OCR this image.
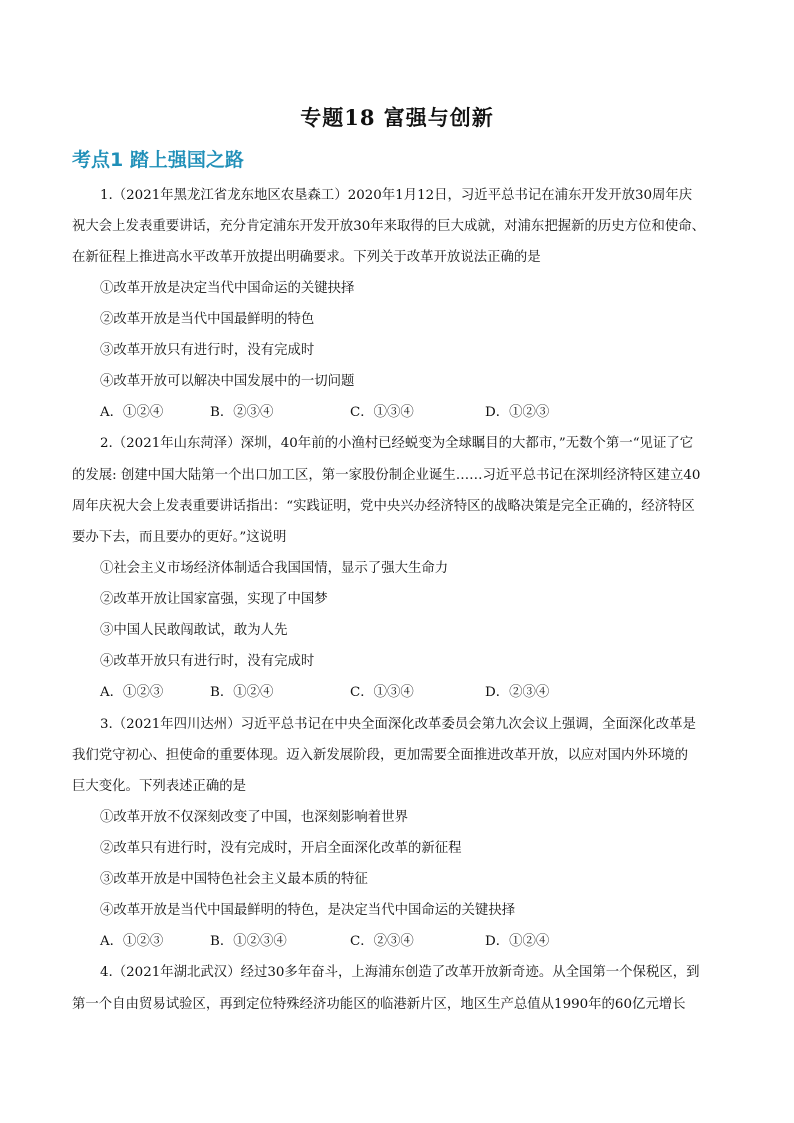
专题18 富强与创新
考点1 踏上强国之路
1.（2021年黑龙江省龙东地区农垦森工）2020年1月12日，习近平总书记在浦东开发开放30周年庆
祝大会上发表重要讲话，充分肯定浦东开发开放30年来取得的巨大成就，对浦东把握新的历史方位和使命、
在新征程上推进高水平改革开放提出明确要求。下列关于改革开放说法正确的是
①改革开放是决定当代中国命运的关键抉择
②改革开放是当代中国最鲜明的特色
③改革开放只有进行时，没有完成时
④改革开放可以解决中国发展中的一切问题
A．①②④	B．②③④	C．①③④	D．①②③
2.（2021年山东菏泽）深圳，40年前的小渔村已经蜕变为全球瞩目的大都市，”无数个第一“见证了它
的发展: 创建中国大陆第一个出口加工区，第一家股份制企业诞生……习近平总书记在深圳经济特区建立40
周年庆祝大会上发表重要讲话指出：“实践证明，党中央兴办经济特区的战略决策是完全正确的，经济特区
要办下去，而且要办的更好。”这说明
①社会主义市场经济体制适合我国国情，显示了强大生命力
②改革开放让国家富强，实现了中国梦
③中国人民敢闯敢试，敢为人先
④改革开放只有进行时，没有完成时
A．①②③	B．①②④	C．①③④	D．②③④
3.（2021年四川达州）习近平总书记在中央全面深化改革委员会第九次会议上强调，全面深化改革是
我们党守初心、担使命的重要体现。迈入新发展阶段，更加需要全面推进改革开放，以应对国内外环境的
巨大变化。下列表述正确的是
①改革开放不仅深刻改变了中国，也深刻影响着世界
②改革只有进行时，没有完成时，开启全面深化改革的新征程
③改革开放是中国特色社会主义最本质的特征
④改革开放是当代中国最鲜明的特色，是决定当代中国命运的关键抉择
A．①②③	B．①②③④	C．②③④	D．①②④
4.（2021年湖北武汉）经过30多年奋斗，上海浦东创造了改革开放新奇迹。从全国第一个保税区，到
第一个自由贸易试验区，再到定位特殊经济功能区的临港新片区，地区生产总值从1990年的60亿元增长
